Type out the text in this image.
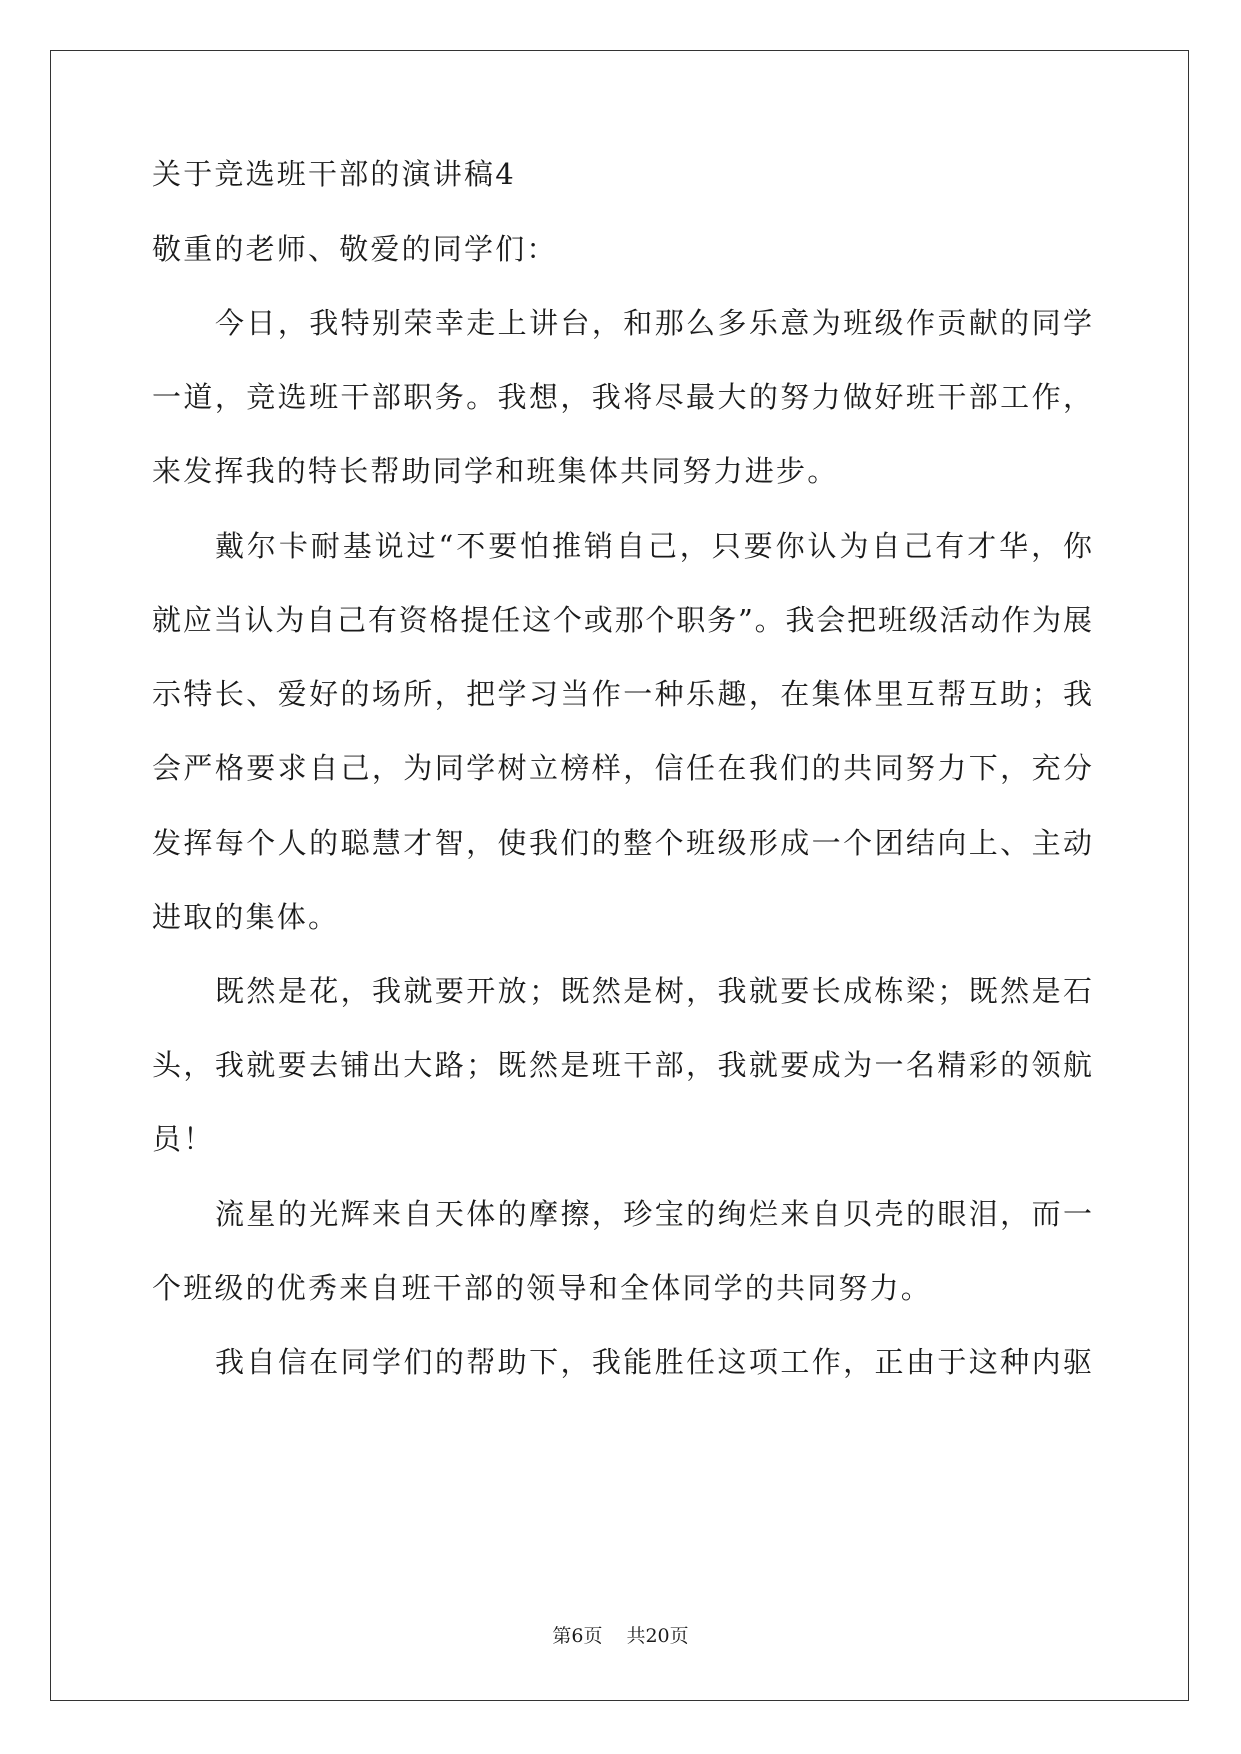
关于竞选班干部的演讲稿4
敬重的老师、敬爱的同学们：
今日，我特别荣幸走上讲台，和那么多乐意为班级作贡献的同学
一道，竞选班干部职务。我想，我将尽最大的努力做好班干部工作，
来发挥我的特长帮助同学和班集体共同努力进步。
戴尔卡耐基说过“不要怕推销自己，只要你认为自己有才华，你
就应当认为自己有资格提任这个或那个职务”。我会把班级活动作为展
示特长、爱好的场所，把学习当作一种乐趣，在集体里互帮互助；我
会严格要求自己，为同学树立榜样，信任在我们的共同努力下，充分
发挥每个人的聪慧才智，使我们的整个班级形成一个团结向上、主动
进取的集体。
既然是花，我就要开放；既然是树，我就要长成栋梁；既然是石
头，我就要去铺出大路；既然是班干部，我就要成为一名精彩的领航
员！
流星的光辉来自天体的摩擦，珍宝的绚烂来自贝壳的眼泪，而一
个班级的优秀来自班干部的领导和全体同学的共同努力。
我自信在同学们的帮助下，我能胜任这项工作，正由于这种内驱
第6页 共20页
